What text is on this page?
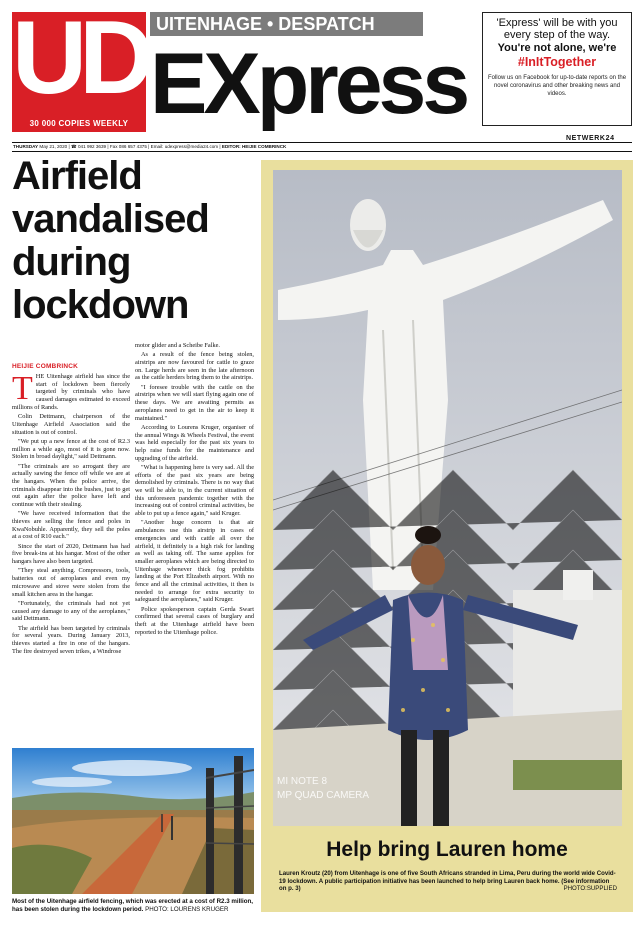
UD
30 000 COPIES WEEKLY
UITENHAGE • DESPATCH
EXpress
'Express' will be with you every step of the way.
You're not alone, we're
#InItTogether
Follow us on Facebook for up-to-date reports on the novel coronavirus and other breaking news and videos.
NETWERK24
THURSDAY May 21, 2020 | ☎ 041 992 3639 | Fax 086 657 4375 | Email: udexpress@media24.com | EDITOR: HEIJIE COMBRINCK
Airfield vandalised during lockdown
HEIJIE COMBRINCK

THE Uitenhage airfield has since the start of lockdown been fiercely targeted by criminals who have caused damages estimated to exceed millions of Rands.

Colin Dettmann, chairperson of the Uitenhage Airfield Association said the situation is out of control.

"We put up a new fence at the cost of R2.3 million a while ago, most of it is gone now. Stolen in broad daylight," said Dettmann.

"The criminals are so arrogant they are actually sawing the fence off while we are at the hangars. When the police arrive, the criminals disappear into the bushes, just to get out again after the police have left and continue with their stealing.

"We have received information that the thieves are selling the fence and poles in KwaNobuhle. Apparently, they sell the poles at a cost of R10 each."

Since the start of 2020, Dettmann has had five break-ins at his hangar. Most of the other hangars have also been targeted.

"They steal anything. Compressors, tools, batteries out of aeroplanes and even my microwave and stove were stolen from the small kitchen area in the hangar.

"Fortunately, the criminals had not yet caused any damage to any of the aeroplanes," said Dettmann.

The airfield has been targeted by criminals for several years. During January 2013, thieves started a fire in one of the hangars. The fire destroyed seven trikes, a Windrose

motor glider and a Scheibe Falke.

As a result of the fence being stolen, airstrips are now favoured for cattle to graze on. Large herds are seen in the late afternoon as the cattle herders bring them to the airstrips.

"I foresee trouble with the cattle on the airstrips when we will start flying again one of these days. We are awaiting permits as aeroplanes need to get in the air to keep it maintained."

According to Lourens Kruger, organiser of the annual Wings & Wheels Festival, the event was held especially for the past six years to help raise funds for the maintenance and upgrading of the airfield.

"What is happening here is very sad. All the efforts of the past six years are being demolished by criminals. There is no way that we will be able to, in the current situation of this unforeseen pandemic together with the increasing out of control criminal activities, be able to put up a fence again," said Kruger.

"Another huge concern is that air ambulances use this airstrip in cases of emergencies and with cattle all over the airfield, it definitely is a high risk for landing as well as taking off. The same applies for smaller aeroplanes which are being directed to Uitenhage whenever thick fog prohibits landing at the Port Elizabeth airport. With no fence and all the criminal activities, it then is needed to arrange for extra security to safeguard the aeroplanes," said Kruger.

Police spokesperson captain Gerda Swart confirmed that several cases of burglary and theft at the Uitenhage airfield have been reported to the Uitenhage police.

Most of the Uitenhage airfield fencing, which was erected at a cost of R2.3 million, has been stolen during the lockdown period. PHOTO: LOURENS KRUGER
MI NOTE 8
MP QUAD CAMERA
Help bring Lauren home
Lauren Kroutz (20) from Uitenhage is one of five South Africans stranded in Lima, Peru during the world wide Covid-19 lockdown. A public participation initiative has been launched to help bring Lauren back home. (See information on p. 3)	PHOTO:SUPPLIED
